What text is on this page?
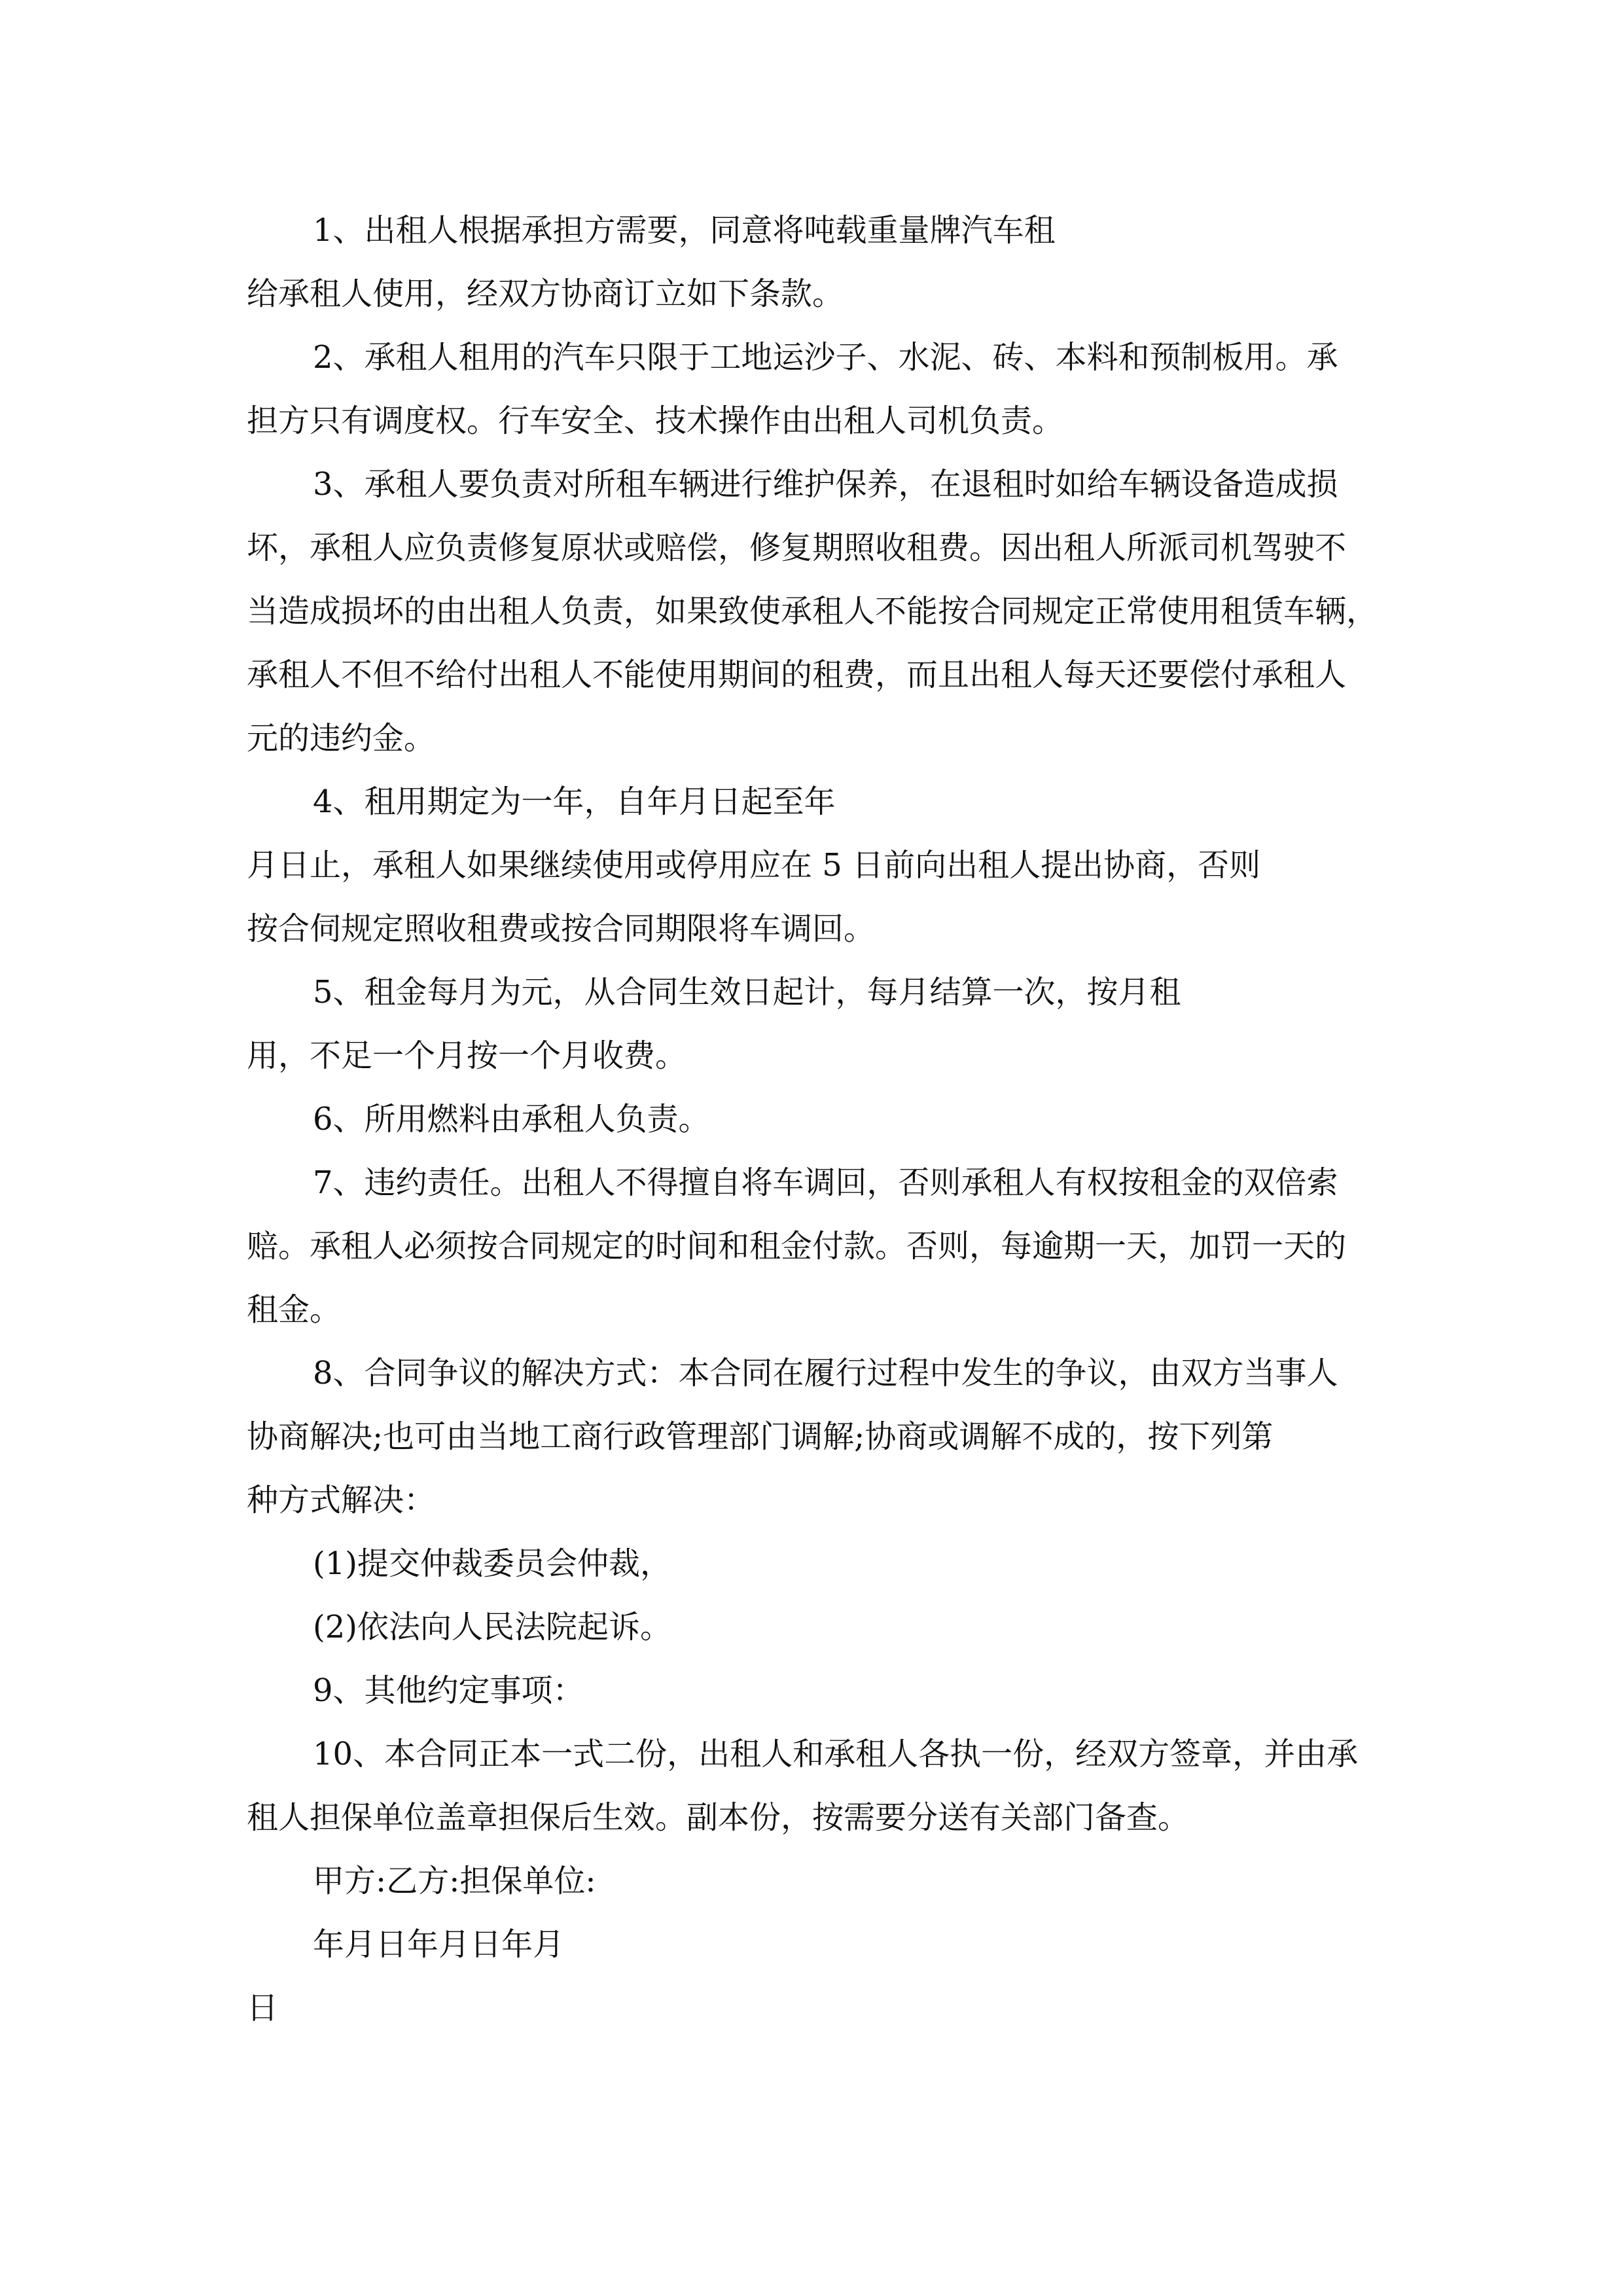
1、出租人根据承担方需要，同意将吨载重量牌汽车租
给承租人使用，经双方协商订立如下条款。
2、承租人租用的汽车只限于工地运沙子、水泥、砖、本料和预制板用。承
担方只有调度权。行车安全、技术操作由出租人司机负责。
3、承租人要负责对所租车辆进行维护保养，在退租时如给车辆设备造成损
坏，承租人应负责修复原状或赔偿，修复期照收租费。因出租人所派司机驾驶不
当造成损坏的由出租人负责，如果致使承租人不能按合同规定正常使用租赁车辆，
承租人不但不给付出租人不能使用期间的租费，而且出租人每天还要偿付承租人
元的违约金。
4、租用期定为一年，自年月日起至年
月日止，承租人如果继续使用或停用应在 5 日前向出租人提出协商，否则
按合伺规定照收租费或按合同期限将车调回。
5、租金每月为元，从合同生效日起计，每月结算一次，按月租
用，不足一个月按一个月收费。
6、所用燃料由承租人负责。
7、违约责任。出租人不得擅自将车调回，否则承租人有权按租金的双倍索
赔。承租人必须按合同规定的时间和租金付款。否则，每逾期一天，加罚一天的
租金。
8、合同争议的解决方式：本合同在履行过程中发生的争议，由双方当事人
协商解决;也可由当地工商行政管理部门调解;协商或调解不成的，按下列第
种方式解决：
(1)提交仲裁委员会仲裁，
(2)依法向人民法院起诉。
9、其他约定事项：
10、本合同正本一式二份，出租人和承租人各执一份，经双方签章，并由承
租人担保单位盖章担保后生效。副本份，按需要分送有关部门备查。
甲方:乙方:担保单位:
年月日年月日年月
日
